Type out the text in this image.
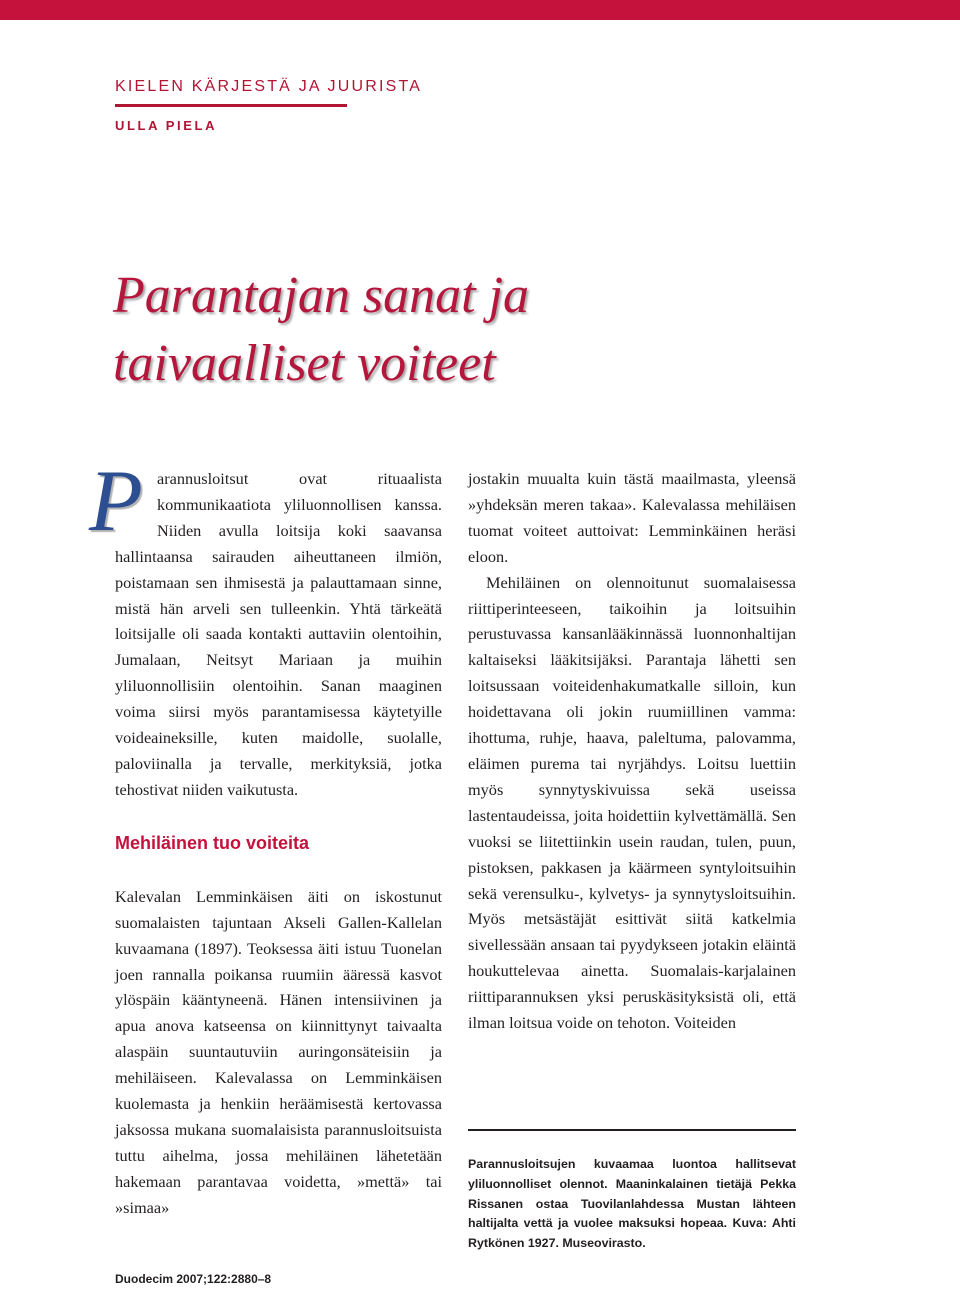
KIELEN KÄRJESTÄ JA JUURISTA

ULLA PIELA

Parantajan sanat ja
taivaalliset voiteet

Parannusloitsut ovat rituaalista kommunikaatiota yliluonnollisen kanssa. Niiden avulla loitsija koki saavansa hallintaansa sairauden aiheuttaneen ilmiön, poistamaan sen ihmisestä ja palauttamaan sinne, mistä hän arveli sen tulleenkin. Yhtä tärkeätä loitsijalle oli saada kontakti auttaviin olentoihin, Jumalaan, Neitsyt Mariaan ja muihin yliluonnollisiin olentoihin. Sanan maaginen voima siirsi myös parantamisessa käytetyille voideaineksille, kuten maidolle, suolalle, paloviinalla ja tervalle, merkityksiä, jotka tehostivat niiden vaikutusta.

Mehiläinen tuo voiteita

Kalevalan Lemminkäisen äiti on iskostunut suomalaisten tajuntaan Akseli Gallen-Kallelan kuvaamana (1897). Teoksessa äiti istuu Tuonelan joen rannalla poikansa ruumiin ääressä kasvot ylöspäin kääntyneenä. Hänen intensiivinen ja apua anova katseensa on kiinnittynyt taivaalta alaspäin suuntautuviin auringonsäteisiin ja mehiläiseen. Kalevalassa on Lemminkäisen kuolemasta ja henkiin heräämisestä kertovassa jaksossa mukana suomalaisista parannusloitsuista tuttu aihelma, jossa mehiläinen lähetetään hakemaan parantavaa voidetta, »mettä» tai »simaa»

jostakin muualta kuin tästä maailmasta, yleensä »yhdeksän meren takaa». Kalevalassa mehiläisen tuomat voiteet auttoivat: Lemminkäinen heräsi eloon.

Mehiläinen on olennoitunut suomalaisessa riittiperinteeseen, taikoihin ja loitsuihin perustuvassa kansanlääkinnässä luonnonhaltijan kaltaiseksi lääkitsijäksi. Parantaja lähetti sen loitsussaan voiteidenhakumatkalle silloin, kun hoidettavana oli jokin ruumiillinen vamma: ihottuma, ruhje, haava, paleltuma, palovamma, eläimen purema tai nyrjähdys. Loitsu luettiin myös synnytyskivuissa sekä useissa lastentaudeissa, joita hoidettiin kylvettämällä. Sen vuoksi se liitettiinkin usein raudan, tulen, puun, pistoksen, pakkasen ja käärmeen syntyloitsuihin sekä verensulku-, kylvetys- ja synnytysloitsuihin. Myös metsästäjät esittivät siitä katkelmia sivellessään ansaan tai pyydykseen jotakin eläintä houkuttelevaa ainetta. Suomalais-karjalainen riittiparannuksen yksi peruskäsityksistä oli, että ilman loitsua voide on tehoton. Voiteiden

Parannusloitsujen kuvaamaa luontoa hallitsevat yliluonnolliset olennot. Maaninkalainen tietäjä Pekka Rissanen ostaa Tuovilanlahdessa Mustan lähteen haltijalta vettä ja vuolee maksuksi hopeaa. Kuva: Ahti Rytkönen 1927. Museovirasto.

Duodecim 2007;122:2880–8
